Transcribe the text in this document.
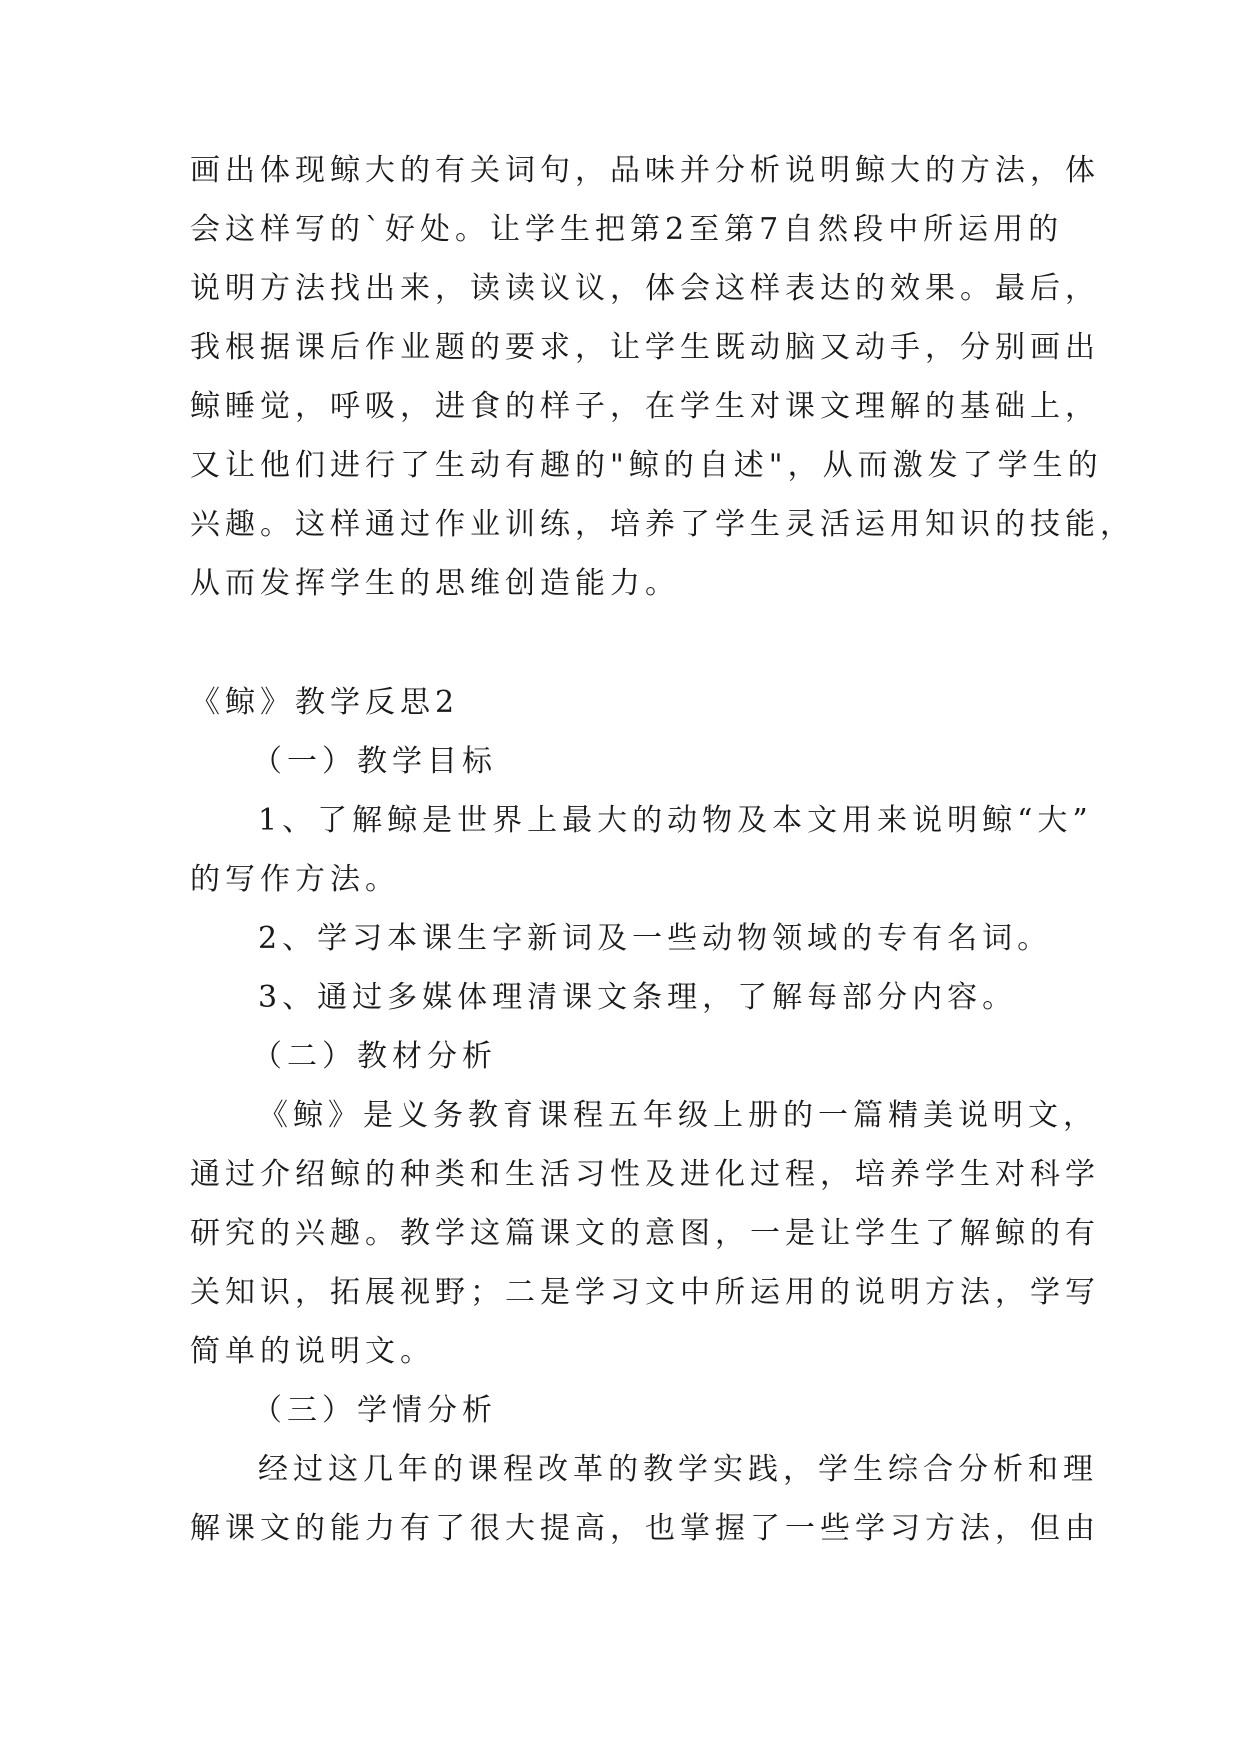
画出体现鲸大的有关词句，品味并分析说明鲸大的方法，体
会这样写的`好处。让学生把第2至第7自然段中所运用的
说明方法找出来，读读议议，体会这样表达的效果。最后，
我根据课后作业题的要求，让学生既动脑又动手，分别画出
鲸睡觉，呼吸，进食的样子，在学生对课文理解的基础上，
又让他们进行了生动有趣的"鲸的自述"，从而激发了学生的
兴趣。这样通过作业训练，培养了学生灵活运用知识的技能，
从而发挥学生的思维创造能力。
《鲸》教学反思2
（一）教学目标
1、了解鲸是世界上最大的动物及本文用来说明鲸“大”
的写作方法。
2、学习本课生字新词及一些动物领域的专有名词。
3、通过多媒体理清课文条理，了解每部分内容。
（二）教材分析
《鲸》是义务教育课程五年级上册的一篇精美说明文，
通过介绍鲸的种类和生活习性及进化过程，培养学生对科学
研究的兴趣。教学这篇课文的意图，一是让学生了解鲸的有
关知识，拓展视野；二是学习文中所运用的说明方法，学写
简单的说明文。
（三）学情分析
经过这几年的课程改革的教学实践，学生综合分析和理
解课文的能力有了很大提高，也掌握了一些学习方法，但由
